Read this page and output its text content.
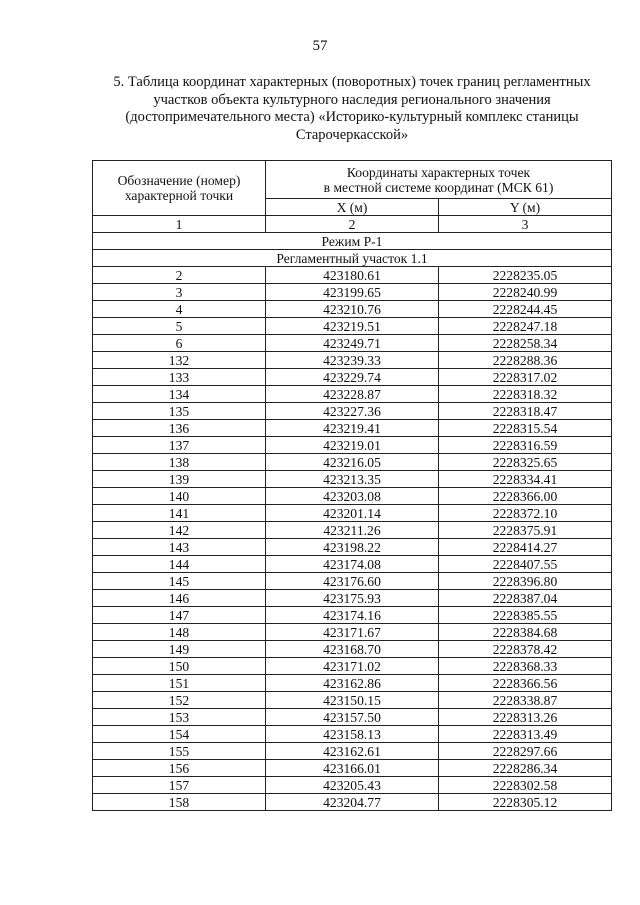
57
5. Таблица координат характерных (поворотных) точек границ регламентных
участков объекта культурного наследия регионального значения
(достопримечательного места) «Историко-культурный комплекс станицы
Старочеркасской»
Обозначение (номер)
характерной точки	Координаты характерных точек
в местной системе координат (МСК 61)	

	X (м)	Y (м)
1	2	3
Режим Р-1		
Регламентный участок 1.1		
2	423180.61	2228235.05
3	423199.65	2228240.99
4	423210.76	2228244.45
5	423219.51	2228247.18
6	423249.71	2228258.34
132	423239.33	2228288.36
133	423229.74	2228317.02
134	423228.87	2228318.32
135	423227.36	2228318.47
136	423219.41	2228315.54
137	423219.01	2228316.59
138	423216.05	2228325.65
139	423213.35	2228334.41
140	423203.08	2228366.00
141	423201.14	2228372.10
142	423211.26	2228375.91
143	423198.22	2228414.27
144	423174.08	2228407.55
145	423176.60	2228396.80
146	423175.93	2228387.04
147	423174.16	2228385.55
148	423171.67	2228384.68
149	423168.70	2228378.42
150	423171.02	2228368.33
151	423162.86	2228366.56
152	423150.15	2228338.87
153	423157.50	2228313.26
154	423158.13	2228313.49
155	423162.61	2228297.66
156	423166.01	2228286.34
157	423205.43	2228302.58
158	423204.77	2228305.12
